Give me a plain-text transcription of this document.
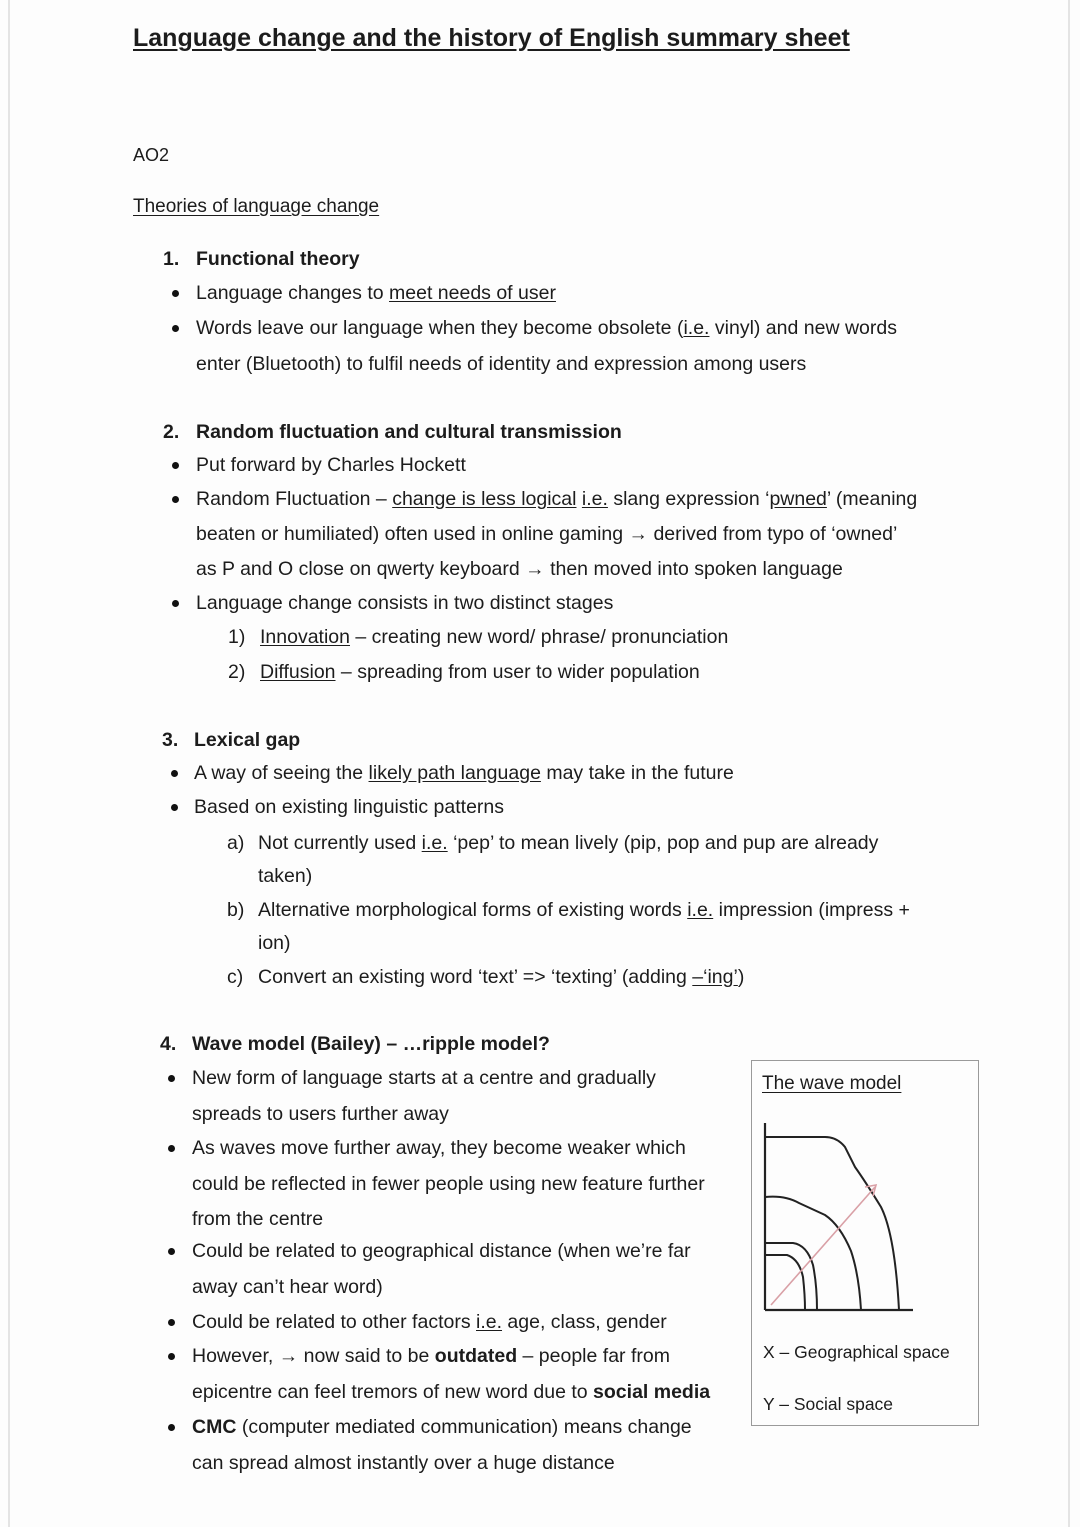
Language change and the history of English summary sheet
AO2
Theories of language change
1. Functional theory
Language changes to meet needs of user
Words leave our language when they become obsolete (i.e. vinyl) and new words
enter (Bluetooth) to fulfil needs of identity and expression among users
2. Random fluctuation and cultural transmission
Put forward by Charles Hockett
Random Fluctuation – change is less logical i.e. slang expression ‘pwned’ (meaning
beaten or humiliated) often used in online gaming → derived from typo of ‘owned’
as P and O close on qwerty keyboard → then moved into spoken language
Language change consists in two distinct stages
1) Innovation – creating new word/ phrase/ pronunciation
2) Diffusion – spreading from user to wider population
3. Lexical gap
A way of seeing the likely path language may take in the future
Based on existing linguistic patterns
a) Not currently used i.e. ‘pep’ to mean lively (pip, pop and pup are already
taken)
b) Alternative morphological forms of existing words i.e. impression (impress +
ion)
c) Convert an existing word ‘text’ => ‘texting’ (adding –‘ing’)
4. Wave model (Bailey) – …ripple model?
New form of language starts at a centre and gradually
spreads to users further away
As waves move further away, they become weaker which
could be reflected in fewer people using new feature further
from the centre
Could be related to geographical distance (when we’re far
away can’t hear word)
Could be related to other factors i.e. age, class, gender
However, → now said to be outdated – people far from
epicentre can feel tremors of new word due to social media
CMC (computer mediated communication) means change
can spread almost instantly over a huge distance
The wave model
X – Geographical space
Y – Social space
